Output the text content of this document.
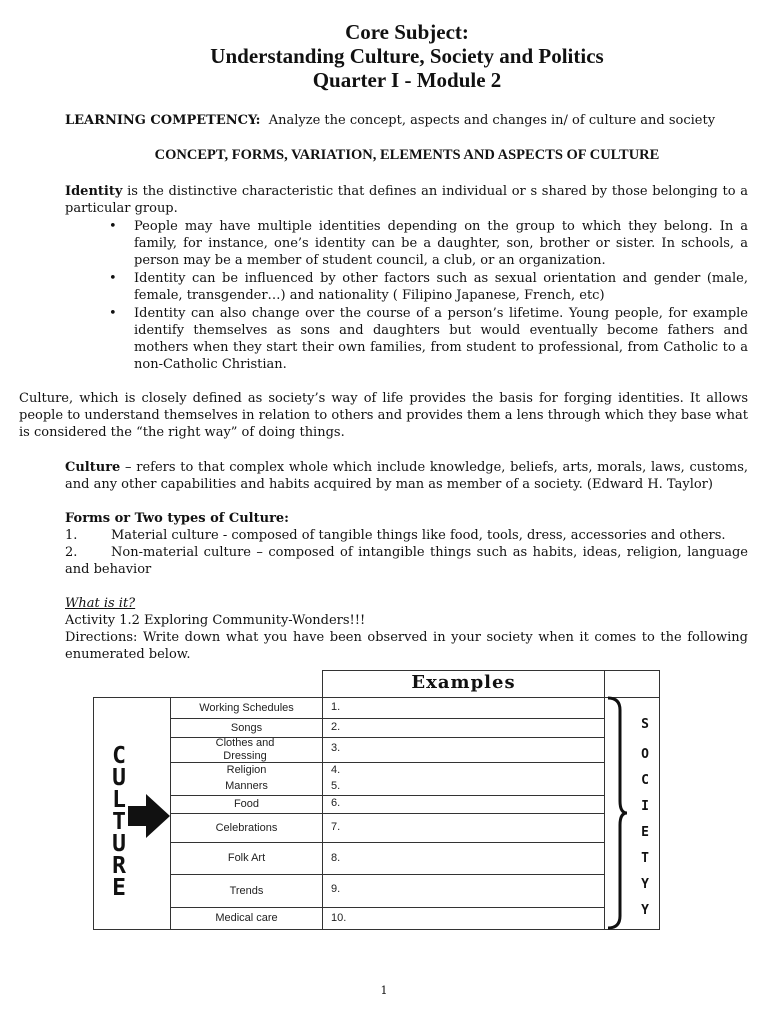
Core Subject:
Understanding Culture, Society and Politics
Quarter I - Module 2
LEARNING COMPETENCY: Analyze the concept, aspects and changes in/ of culture and society
CONCEPT, FORMS, VARIATION, ELEMENTS AND ASPECTS OF CULTURE
Identity is the distinctive characteristic that defines an individual or s shared by those belonging to a particular group.
• People may have multiple identities depending on the group to which they belong. In a family, for instance, one’s identity can be a daughter, son, brother or sister. In schools, a person may be a member of student council, a club, or an organization.
• Identity can be influenced by other factors such as sexual orientation and gender (male, female, transgender…) and nationality ( Filipino Japanese, French, etc)
• Identity can also change over the course of a person’s lifetime. Young people, for example identify themselves as sons and daughters but would eventually become fathers and mothers when they start their own families, from student to professional, from Catholic to a non-Catholic Christian.
Culture, which is closely defined as society’s way of life provides the basis for forging identities. It allows people to understand themselves in relation to others and provides them a lens through which they base what is considered the “the right way” of doing things.
Culture – refers to that complex whole which include knowledge, beliefs, arts, morals, laws, customs, and any other capabilities and habits acquired by man as member of a society. (Edward H. Taylor)
Forms or Two types of Culture:
1.	Material culture - composed of tangible things like food, tools, dress, accessories and others.
2.	Non-material culture – composed of intangible things such as habits, ideas, religion, language and behavior
What is it?
Activity 1.2 Exploring Community-Wonders!!!
Directions: Write down what you have been observed in your society when it comes to the following enumerated below.
Examples
Working Schedules
Songs
Clothes and Dressing
Religion
Manners
Food
Celebrations
Folk Art
Trends
Medical care
1.
2.
3.
4.
5.
6.
7.
8.
9.
10.
C
U
L
T
U
R
E
S
O
C
I
E
T
Y
Y
1
